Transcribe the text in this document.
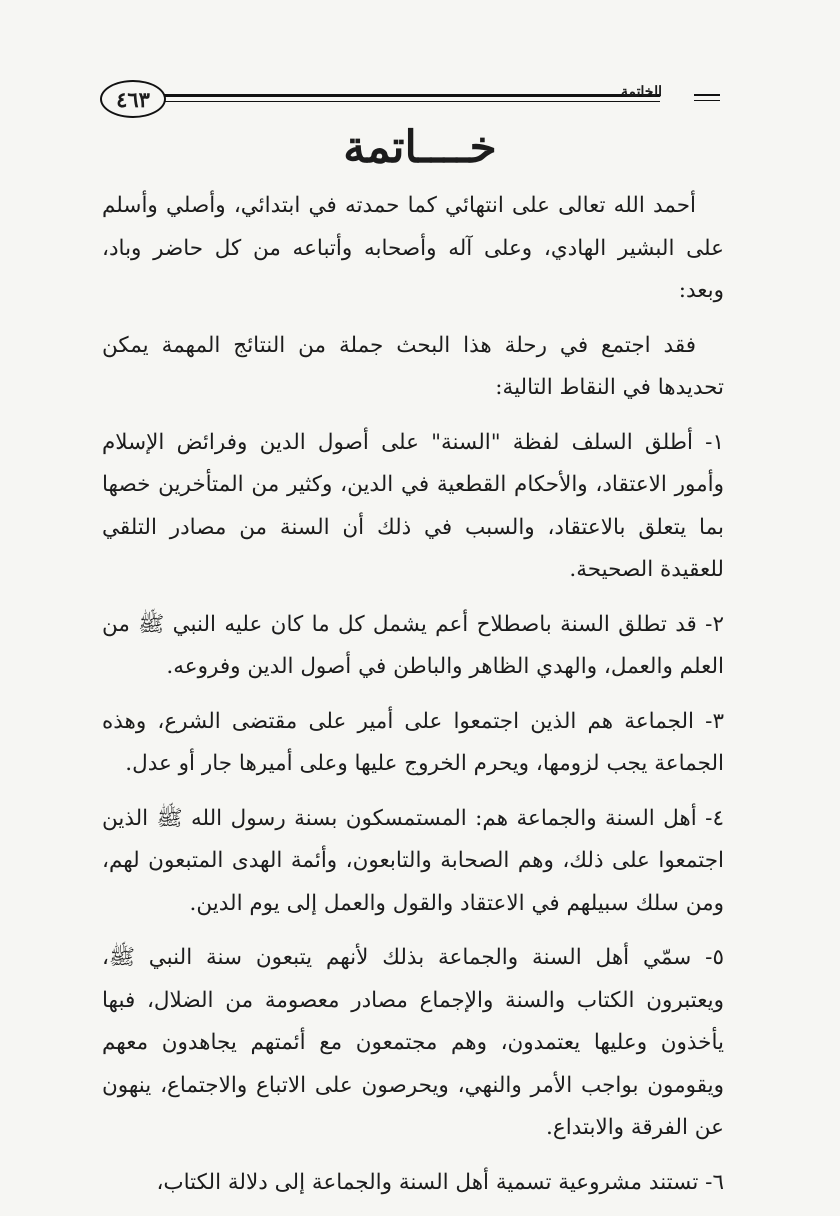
٤٦٣	الخاتمة
خــــاتمة

أحمد الله تعالى على انتهائي كما حمدته في ابتدائي، وأصلي وأسلم على البشير الهادي، وعلى آله وأصحابه وأتباعه من كل حاضر وباد، وبعد:

فقد اجتمع في رحلة هذا البحث جملة من النتائج المهمة يمكن تحديدها في النقاط التالية:

١- أطلق السلف لفظة "السنة" على أصول الدين وفرائض الإسلام وأمور الاعتقاد، والأحكام القطعية في الدين، وكثير من المتأخرين خصها بما يتعلق بالاعتقاد، والسبب في ذلك أن السنة من مصادر التلقي للعقيدة الصحيحة.

٢- قد تطلق السنة باصطلاح أعم يشمل كل ما كان عليه النبي ﷺ من العلم والعمل، والهدي الظاهر والباطن في أصول الدين وفروعه.

٣- الجماعة هم الذين اجتمعوا على أمير على مقتضى الشرع، وهذه الجماعة يجب لزومها، ويحرم الخروج عليها وعلى أميرها جار أو عدل.

٤- أهل السنة والجماعة هم: المستمسكون بسنة رسول الله ﷺ الذين اجتمعوا على ذلك، وهم الصحابة والتابعون، وأئمة الهدى المتبعون لهم، ومن سلك سبيلهم في الاعتقاد والقول والعمل إلى يوم الدين.

٥- سمّي أهل السنة والجماعة بذلك لأنهم يتبعون سنة النبي ﷺ، ويعتبرون الكتاب والسنة والإجماع مصادر معصومة من الضلال، فبها يأخذون وعليها يعتمدون، وهم مجتمعون مع أئمتهم يجاهدون معهم ويقومون بواجب الأمر والنهي، ويحرصون على الاتباع والاجتماع، ينهون عن الفرقة والابتداع.

٦- تستند مشروعية تسمية أهل السنة والجماعة إلى دلالة الكتاب،
